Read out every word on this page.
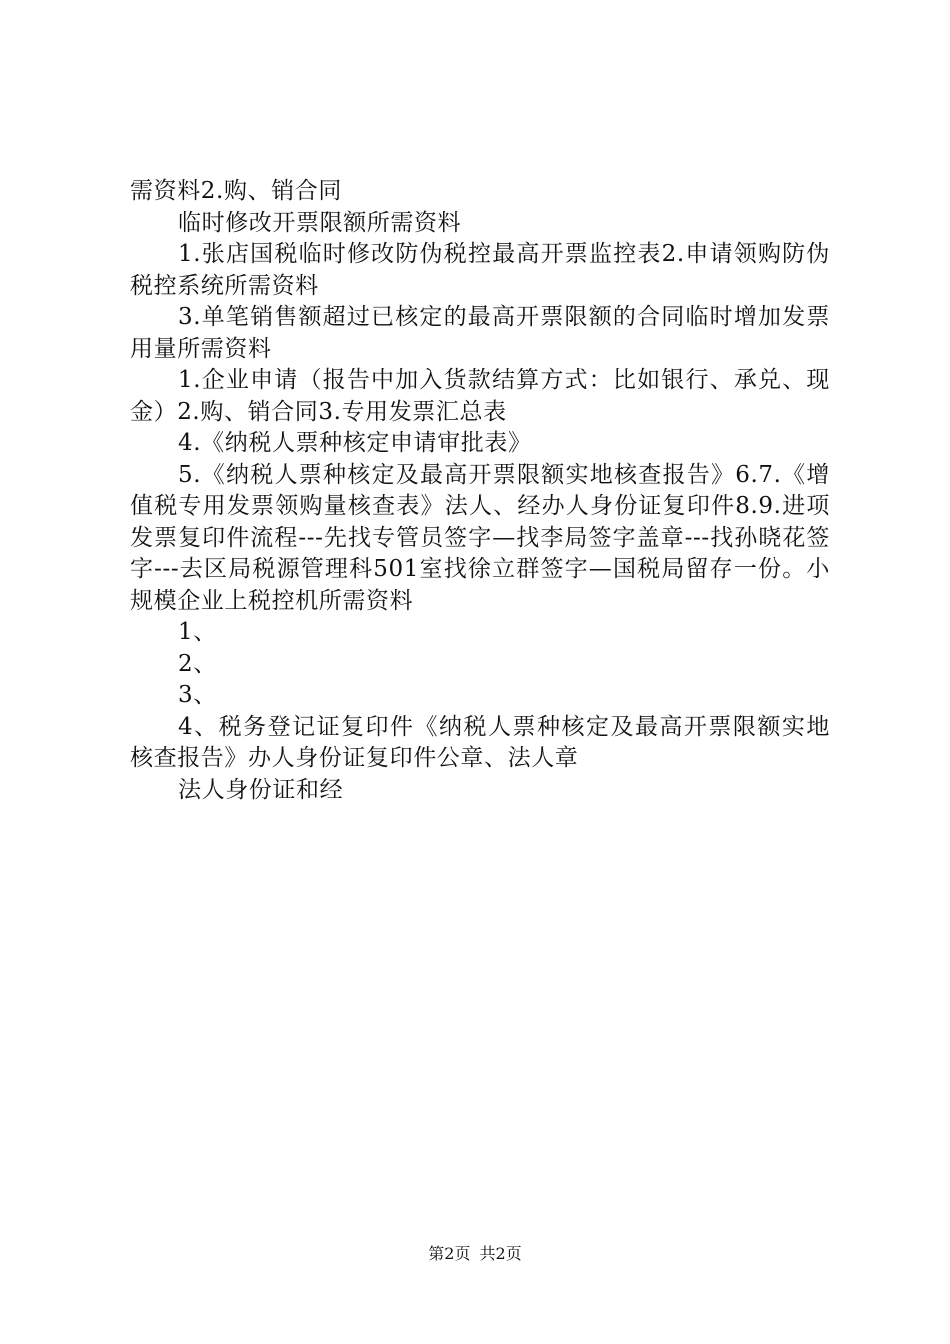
需资料2.购、销合同

临时修改开票限额所需资料

1.张店国税临时修改防伪税控最高开票监控表2.申请领购防伪税控系统所需资料

3.单笔销售额超过已核定的最高开票限额的合同临时增加发票用量所需资料

1.企业申请（报告中加入货款结算方式：比如银行、承兑、现金）2.购、销合同3.专用发票汇总表

4.《纳税人票种核定申请审批表》

5.《纳税人票种核定及最高开票限额实地核查报告》6.7.《增值税专用发票领购量核查表》法人、经办人身份证复印件8.9.进项发票复印件流程---先找专管员签字—找李局签字盖章---找孙晓花签字---去区局税源管理科501室找徐立群签字—国税局留存一份。小规模企业上税控机所需资料

1、

2、

3、

4、税务登记证复印件《纳税人票种核定及最高开票限额实地核查报告》办人身份证复印件公章、法人章

法人身份证和经

第2页 共2页
